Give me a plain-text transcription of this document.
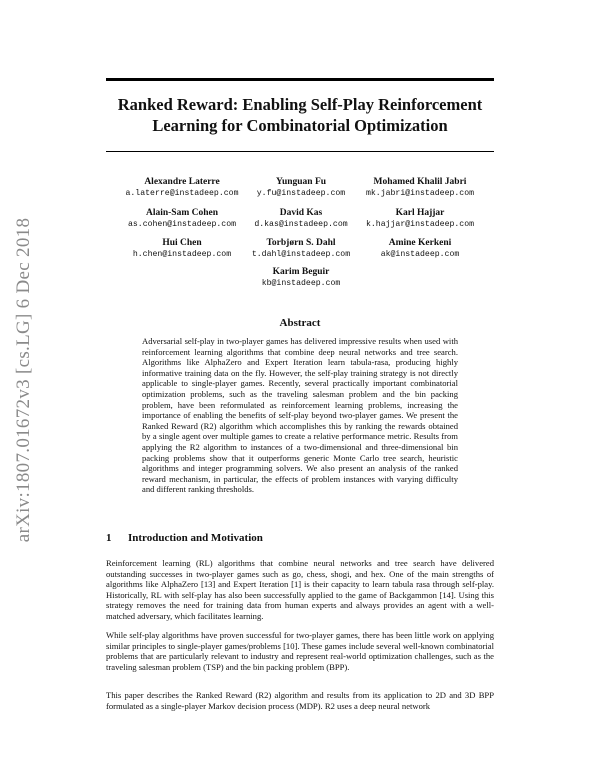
arXiv:1807.01672v3 [cs.LG] 6 Dec 2018
Ranked Reward: Enabling Self-Play Reinforcement Learning for Combinatorial Optimization
Alexandre Laterre
a.laterre@instadeep.com
Yunguan Fu
y.fu@instadeep.com
Mohamed Khalil Jabri
mk.jabri@instadeep.com
Alain-Sam Cohen
as.cohen@instadeep.com
David Kas
d.kas@instadeep.com
Karl Hajjar
k.hajjar@instadeep.com
Hui Chen
h.chen@instadeep.com
Torbjørn S. Dahl
t.dahl@instadeep.com
Amine Kerkeni
ak@instadeep.com
Karim Beguir
kb@instadeep.com
Abstract
Adversarial self-play in two-player games has delivered impressive results when used with reinforcement learning algorithms that combine deep neural networks and tree search. Algorithms like AlphaZero and Expert Iteration learn tabula-rasa, producing highly informative training data on the fly. However, the self-play training strategy is not directly applicable to single-player games. Recently, several practically important combinatorial optimization problems, such as the traveling salesman problem and the bin packing problem, have been reformulated as reinforcement learning problems, increasing the importance of enabling the benefits of self-play beyond two-player games. We present the Ranked Reward (R2) algorithm which accomplishes this by ranking the rewards obtained by a single agent over multiple games to create a relative performance metric. Results from applying the R2 algorithm to instances of a two-dimensional and three-dimensional bin packing problems show that it outperforms generic Monte Carlo tree search, heuristic algorithms and integer programming solvers. We also present an analysis of the ranked reward mechanism, in particular, the effects of problem instances with varying difficulty and different ranking thresholds.
1 Introduction and Motivation
Reinforcement learning (RL) algorithms that combine neural networks and tree search have delivered outstanding successes in two-player games such as go, chess, shogi, and hex. One of the main strengths of algorithms like AlphaZero [13] and Expert Iteration [1] is their capacity to learn tabula rasa through self-play. Historically, RL with self-play has also been successfully applied to the game of Backgammon [14]. Using this strategy removes the need for training data from human experts and always provides an agent with a well-matched adversary, which facilitates learning.
While self-play algorithms have proven successful for two-player games, there has been little work on applying similar principles to single-player games/problems [10]. These games include several well-known combinatorial problems that are particularly relevant to industry and represent real-world optimization challenges, such as the traveling salesman problem (TSP) and the bin packing problem (BPP).
This paper describes the Ranked Reward (R2) algorithm and results from its application to 2D and 3D BPP formulated as a single-player Markov decision process (MDP). R2 uses a deep neural network
